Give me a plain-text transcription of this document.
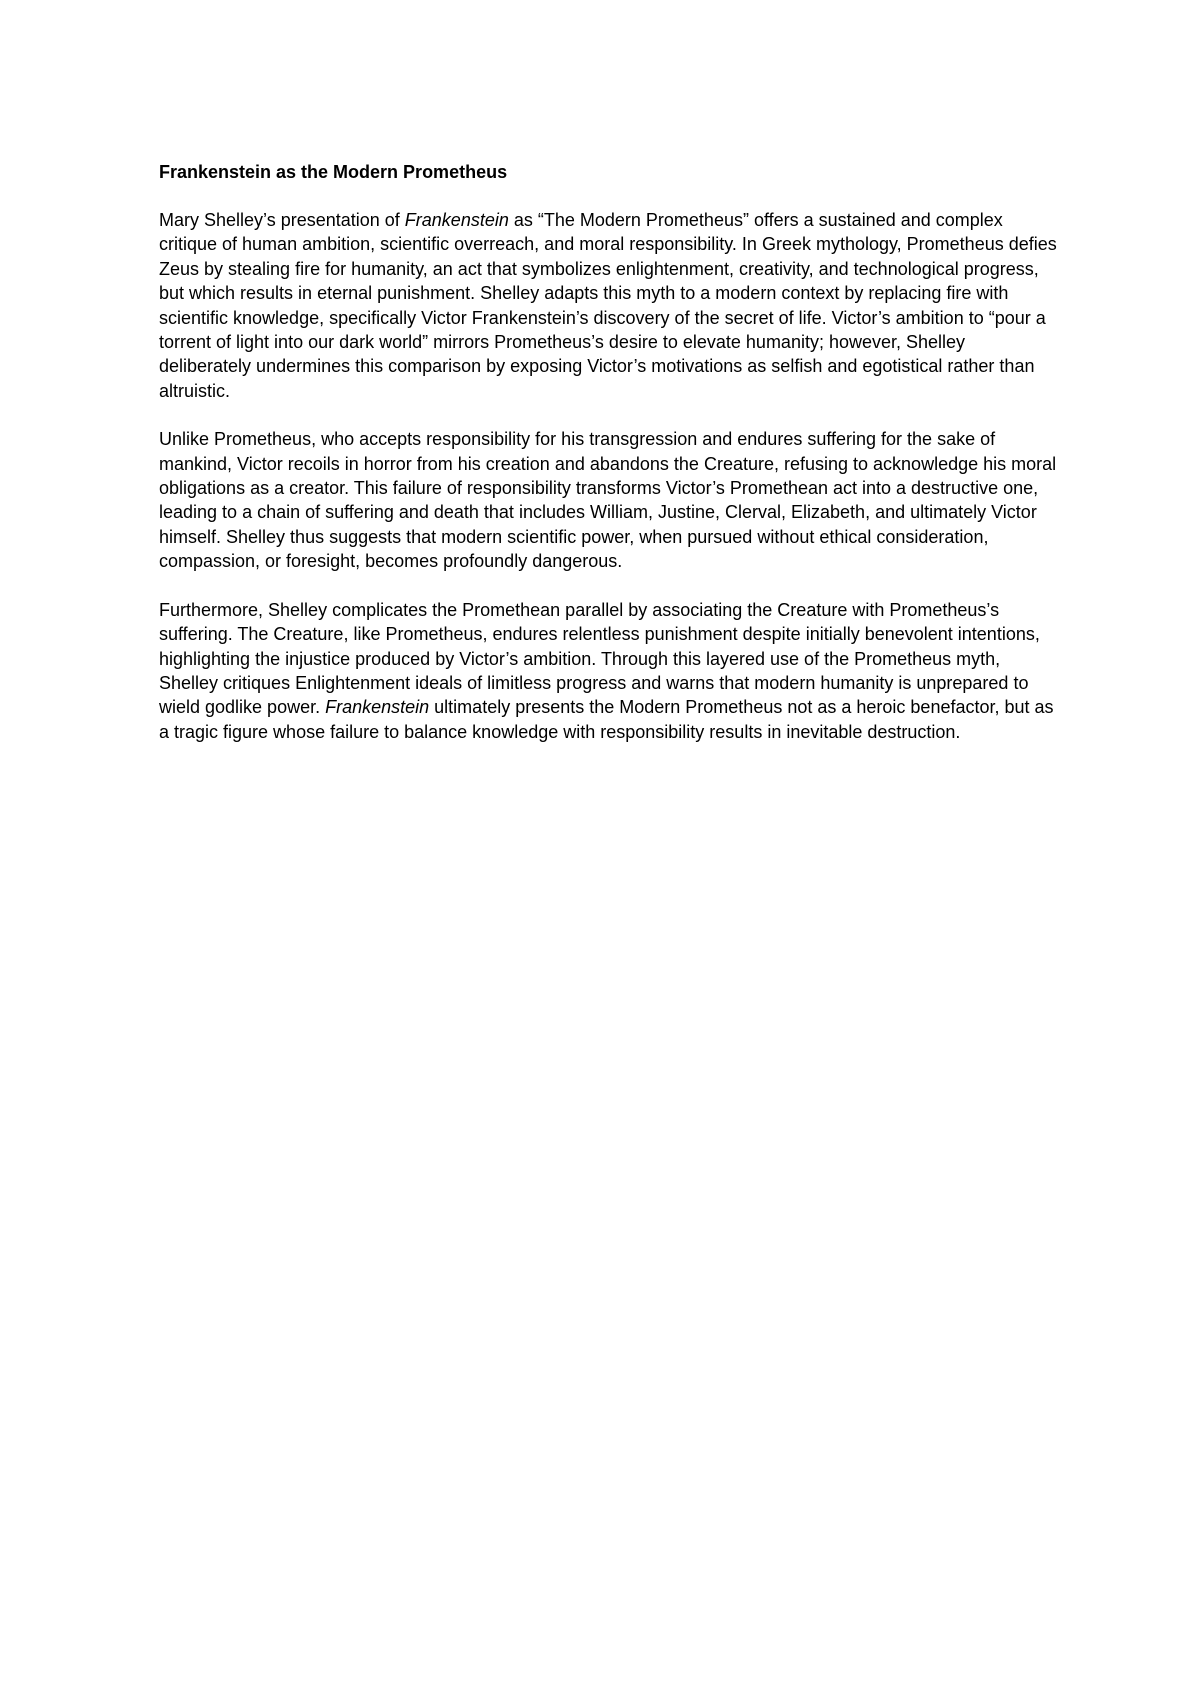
Frankenstein as the Modern Prometheus

Mary Shelley’s presentation of Frankenstein as “The Modern Prometheus” offers a sustained and complex critique of human ambition, scientific overreach, and moral responsibility. In Greek mythology, Prometheus defies Zeus by stealing fire for humanity, an act that symbolizes enlightenment, creativity, and technological progress, but which results in eternal punishment. Shelley adapts this myth to a modern context by replacing fire with scientific knowledge, specifically Victor Frankenstein’s discovery of the secret of life. Victor’s ambition to “pour a torrent of light into our dark world” mirrors Prometheus’s desire to elevate humanity; however, Shelley deliberately undermines this comparison by exposing Victor’s motivations as selfish and egotistical rather than altruistic.

Unlike Prometheus, who accepts responsibility for his transgression and endures suffering for the sake of mankind, Victor recoils in horror from his creation and abandons the Creature, refusing to acknowledge his moral obligations as a creator. This failure of responsibility transforms Victor’s Promethean act into a destructive one, leading to a chain of suffering and death that includes William, Justine, Clerval, Elizabeth, and ultimately Victor himself. Shelley thus suggests that modern scientific power, when pursued without ethical consideration, compassion, or foresight, becomes profoundly dangerous.

Furthermore, Shelley complicates the Promethean parallel by associating the Creature with Prometheus’s suffering. The Creature, like Prometheus, endures relentless punishment despite initially benevolent intentions, highlighting the injustice produced by Victor’s ambition. Through this layered use of the Prometheus myth, Shelley critiques Enlightenment ideals of limitless progress and warns that modern humanity is unprepared to wield godlike power. Frankenstein ultimately presents the Modern Prometheus not as a heroic benefactor, but as a tragic figure whose failure to balance knowledge with responsibility results in inevitable destruction.
